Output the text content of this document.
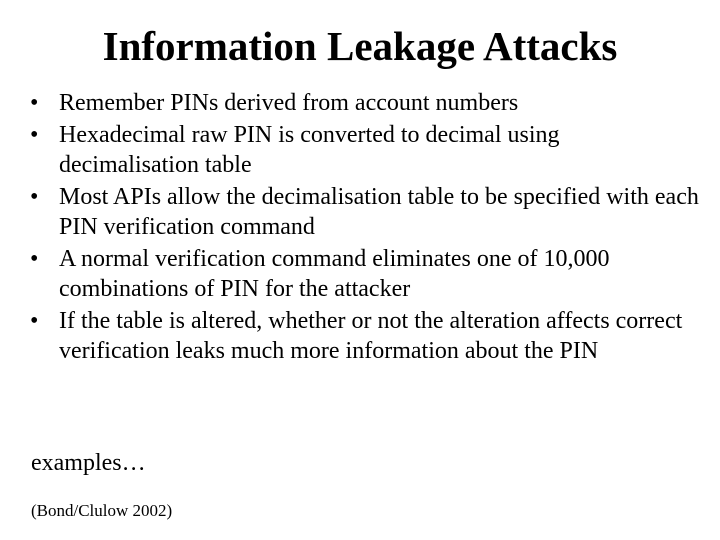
Information Leakage Attacks
• Remember PINs derived from account numbers
• Hexadecimal raw PIN is converted to decimal using decimalisation table
• Most APIs allow the decimalisation table to be specified with each PIN verification command
• A normal verification command eliminates one of 10,000 combinations of PIN for the attacker
• If the table is altered, whether or not the alteration affects correct verification leaks much more information about the PIN

examples…

(Bond/Clulow 2002)
